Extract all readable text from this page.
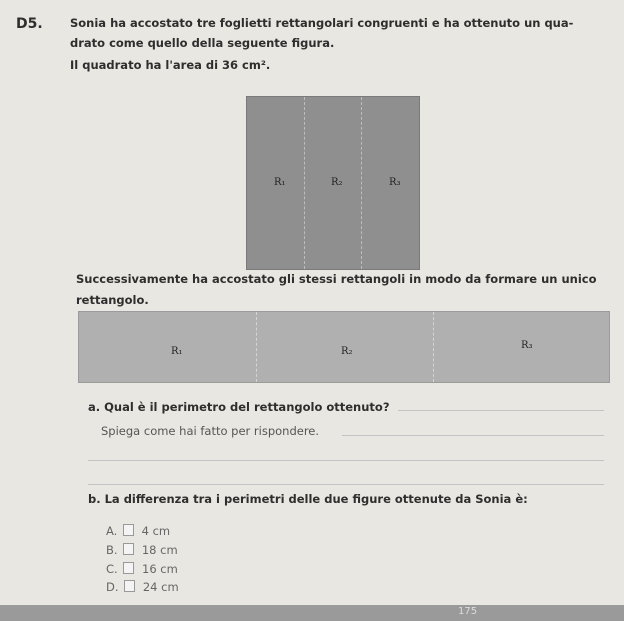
D5. Sonia ha accostato tre foglietti rettangolari congruenti e ha ottenuto un qua-
drato come quello della seguente figura.
Il quadrato ha l'area di 36 cm².
R₁	R₂	R₃
Successivamente ha accostato gli stessi rettangoli in modo da formare un unico
rettangolo.
R₁	R₂
R₃
a. Qual è il perimetro del rettangolo ottenuto?
Spiega come hai fatto per rispondere.
b. La differenza tra i perimetri delle due figure ottenute da Sonia è:
A. 4 cm
B. 18 cm
C. 16 cm
D. 24 cm
175
